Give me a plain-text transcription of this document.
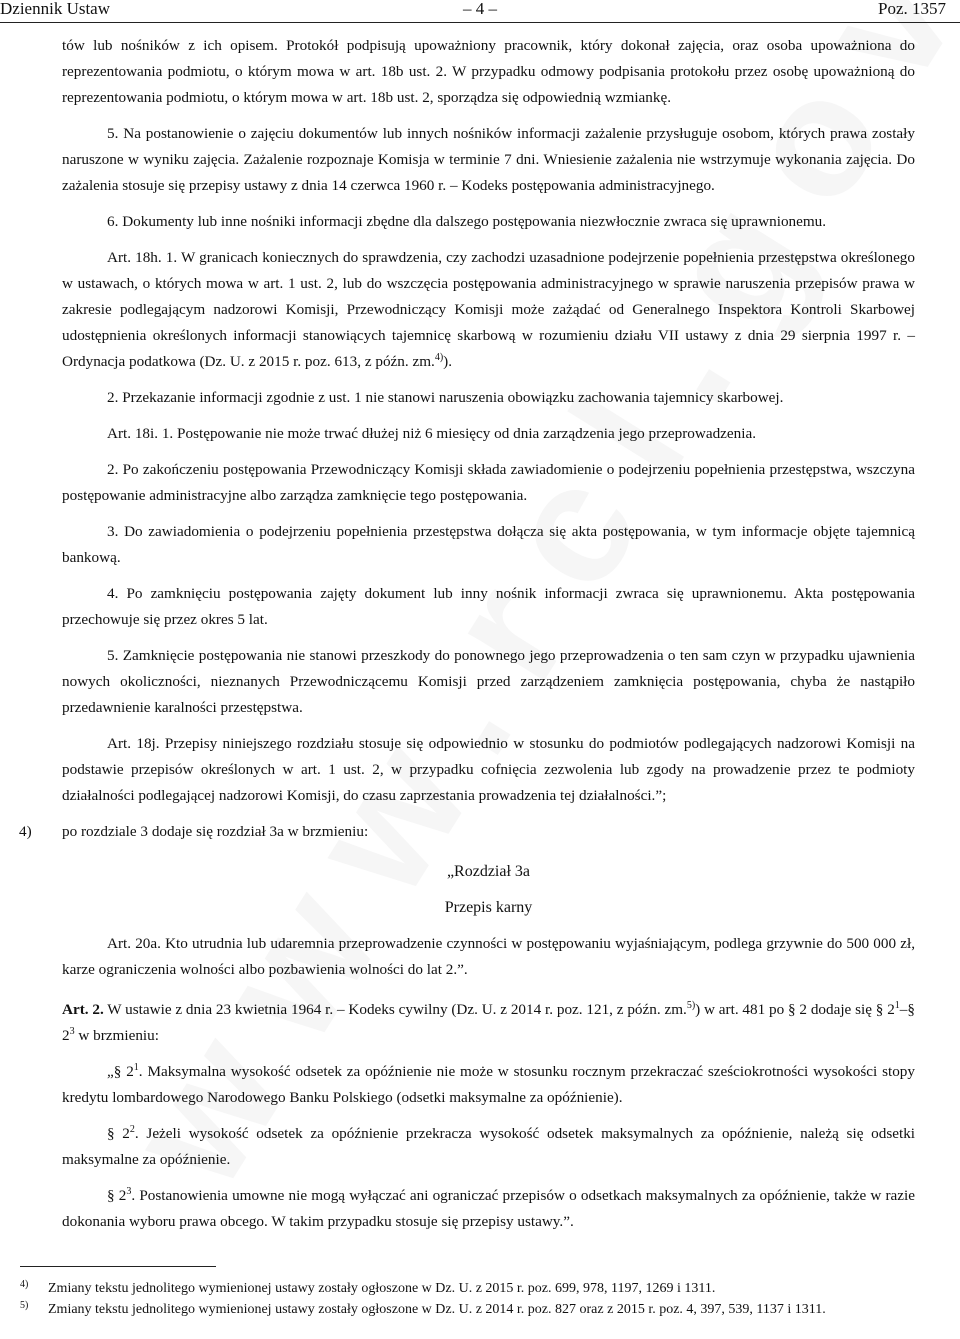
Dziennik Ustaw	– 4 –	Poz. 1357

tów lub nośników z ich opisem. Protokół podpisują upoważniony pracownik, który dokonał zajęcia, oraz osoba upoważniona do reprezentowania podmiotu, o którym mowa w art. 18b ust. 2. W przypadku odmowy podpisania protokołu przez osobę upoważnioną do reprezentowania podmiotu, o którym mowa w art. 18b ust. 2, sporządza się odpowiednią wzmiankę.

5. Na postanowienie o zajęciu dokumentów lub innych nośników informacji zażalenie przysługuje osobom, których prawa zostały naruszone w wyniku zajęcia. Zażalenie rozpoznaje Komisja w terminie 7 dni. Wniesienie zażalenia nie wstrzymuje wykonania zajęcia. Do zażalenia stosuje się przepisy ustawy z dnia 14 czerwca 1960 r. – Kodeks postępowania administracyjnego.

6. Dokumenty lub inne nośniki informacji zbędne dla dalszego postępowania niezwłocznie zwraca się uprawnionemu.

Art. 18h. 1. W granicach koniecznych do sprawdzenia, czy zachodzi uzasadnione podejrzenie popełnienia przestępstwa określonego w ustawach, o których mowa w art. 1 ust. 2, lub do wszczęcia postępowania administracyjnego w sprawie naruszenia przepisów prawa w zakresie podlegającym nadzorowi Komisji, Przewodniczący Komisji może zażądać od Generalnego Inspektora Kontroli Skarbowej udostępnienia określonych informacji stanowiących tajemnicę skarbową w rozumieniu działu VII ustawy z dnia 29 sierpnia 1997 r. – Ordynacja podatkowa (Dz. U. z 2015 r. poz. 613, z późn. zm.$^{4)}$).

2. Przekazanie informacji zgodnie z ust. 1 nie stanowi naruszenia obowiązku zachowania tajemnicy skarbowej.

Art. 18i. 1. Postępowanie nie może trwać dłużej niż 6 miesięcy od dnia zarządzenia jego przeprowadzenia.

2. Po zakończeniu postępowania Przewodniczący Komisji składa zawiadomienie o podejrzeniu popełnienia przestępstwa, wszczyna postępowanie administracyjne albo zarządza zamknięcie tego postępowania.

3. Do zawiadomienia o podejrzeniu popełnienia przestępstwa dołącza się akta postępowania, w tym informacje objęte tajemnicą bankową.

4. Po zamknięciu postępowania zajęty dokument lub inny nośnik informacji zwraca się uprawnionemu. Akta postępowania przechowuje się przez okres 5 lat.

5. Zamknięcie postępowania nie stanowi przeszkody do ponownego jego przeprowadzenia o ten sam czyn w przypadku ujawnienia nowych okoliczności, nieznanych Przewodniczącemu Komisji przed zarządzeniem zamknięcia postępowania, chyba że nastąpiło przedawnienie karalności przestępstwa.

Art. 18j. Przepisy niniejszego rozdziału stosuje się odpowiednio w stosunku do podmiotów podlegających nadzorowi Komisji na podstawie przepisów określonych w art. 1 ust. 2, w przypadku cofnięcia zezwolenia lub zgody na prowadzenie przez te podmioty działalności podlegającej nadzorowi Komisji, do czasu zaprzestania prowadzenia tej działalności.”;

4)	po rozdziale 3 dodaje się rozdział 3a w brzmieniu:

„Rozdział 3a

Przepis karny

Art. 20a. Kto utrudnia lub udaremnia przeprowadzenie czynności w postępowaniu wyjaśniającym, podlega grzywnie do 500 000 zł, karze ograniczenia wolności albo pozbawienia wolności do lat 2.”.

Art. 2. W ustawie z dnia 23 kwietnia 1964 r. – Kodeks cywilny (Dz. U. z 2014 r. poz. 121, z późn. zm.$^{5)}$) w art. 481 po § 2 dodaje się § $2^1-\S$ $2^3$ w brzmieniu:

„§ $2^1$. Maksymalna wysokość odsetek za opóźnienie nie może w stosunku rocznym przekraczać sześciokrotności wysokości stopy kredytu lombardowego Narodowego Banku Polskiego (odsetki maksymalne za opóźnienie).

§ $2^2$. Jeżeli wysokość odsetek za opóźnienie przekracza wysokość odsetek maksymalnych za opóźnienie, należą się odsetki maksymalne za opóźnienie.

§ $2^3$. Postanowienia umowne nie mogą wyłączać ani ograniczać przepisów o odsetkach maksymalnych za opóźnienie, także w razie dokonania wyboru prawa obcego. W takim przypadku stosuje się przepisy ustawy.”.

4)	Zmiany tekstu jednolitego wymienionej ustawy zostały ogłoszone w Dz. U. z 2015 r. poz. 699, 978, 1197, 1269 i 1311.
5)	Zmiany tekstu jednolitego wymienionej ustawy zostały ogłoszone w Dz. U. z 2014 r. poz. 827 oraz z 2015 r. poz. 4, 397, 539, 1137 i 1311.
